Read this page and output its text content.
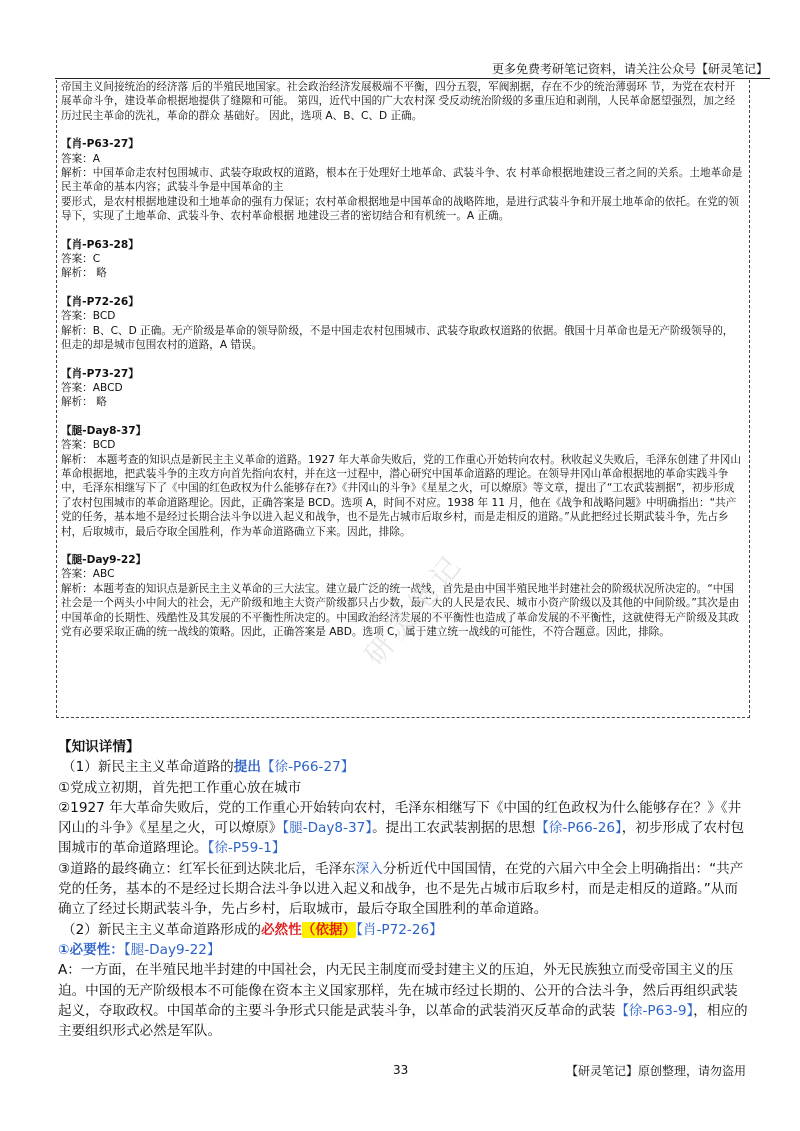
更多免费考研笔记资料，请关注公众号【研灵笔记】

帝国主义间接统治的经济落 后的半殖民地国家。社会政治经济发展极端不平衡，四分五裂，军阀割据，存在不少的统治薄弱环 节，为党在农村开展革命斗争，建设革命根据地提供了缝隙和可能。 第四，近代中国的广大农村深 受反动统治阶级的多重压迫和剥削，人民革命愿望强烈，加之经历过民主革命的洗礼，革命的群众 基础好。 因此，选项 A、B、C、D 正确。

【肖-P63-27】

答案：A

解析：中国革命走农村包围城市、武装夺取政权的道路，根本在于处理好土地革命、武装斗争、农 村革命根据地建设三者之间的关系。土地革命是民主革命的基本内容；武装斗争是中国革命的主

要形式，是农村根据地建设和土地革命的强有力保证；农村革命根据地是中国革命的战略阵地，是进行武装斗争和开展土地革命的依托。在党的领导下，实现了土地革命、武装斗争、农村革命根据 地建设三者的密切结合和有机统一。A 正确。

【肖-P63-28】

答案：C

解析： 略

【肖-P72-26】

答案：BCD

解析：B、C、D 正确。无产阶级是革命的领导阶级，不是中国走农村包围城市、武装夺取政权道路的依据。俄国十月革命也是无产阶级领导的，但走的却是城市包围农村的道路，A 错误。

【肖-P73-27】

答案：ABCD

解析： 略

【腿-Day8-37】

答案：BCD

解析： 本题考查的知识点是新民主主义革命的道路。1927 年大革命失败后，党的工作重心开始转向农村。秋收起义失败后，毛泽东创建了井冈山革命根据地，把武装斗争的主攻方向首先指向农村，并在这一过程中，潜心研究中国革命道路的理论。在领导井冈山革命根据地的革命实践斗争中，毛泽东相继写下了《中国的红色政权为什么能够存在?》《井冈山的斗争》《星星之火，可以燎原》等文章，提出了“工农武装割据”，初步形成了农村包围城市的革命道路理论。因此，正确答案是 BCD。选项 A，时间不对应。1938 年 11 月，他在《战争和战略问题》中明确指出：“共产党的任务，基本地不是经过长期合法斗争以进入起义和战争，也不是先占城市后取乡村，而是走相反的道路。”从此把经过长期武装斗争，先占乡村，后取城市，最后夺取全国胜利，作为革命道路确立下来。因此，排除。

【腿-Day9-22】

答案：ABC

解析：本题考查的知识点是新民主主义革命的三大法宝。建立最广泛的统一战线，首先是由中国半殖民地半封建社会的阶级状况所决定的。“中国社会是一个两头小中间大的社会，无产阶级和地主大资产阶级都只占少数，最广大的人民是农民、城市小资产阶级以及其他的中间阶级。”其次是由中国革命的长期性、残酷性及其发展的不平衡性所决定的。中国政治经济发展的不平衡性也造成了革命发展的不平衡性，这就使得无产阶级及其政党有必要采取正确的统一战线的策略。因此，正确答案是 ABD。选项 C，属于建立统一战线的可能性，不符合题意。因此，排除。

研灵笔记

【知识详情】

（1）新民主主义革命道路的提出【徐-P66-27】

①党成立初期，首先把工作重心放在城市

②1927 年大革命失败后，党的工作重心开始转向农村，毛泽东相继写下《中国的红色政权为什么能够存在？》《井冈山的斗争》《星星之火，可以燎原》【腿-Day8-37】。提出工农武装割据的思想【徐-P66-26】，初步形成了农村包围城市的革命道路理论。【徐-P59-1】

③道路的最终确立：红军长征到达陕北后，毛泽东深入分析近代中国国情，在党的六届六中全会上明确指出：“共产党的任务，基本的不是经过长期合法斗争以进入起义和战争，也不是先占城市后取乡村，而是走相反的道路。”从而确立了经过长期武装斗争，先占乡村，后取城市，最后夺取全国胜利的革命道路。

（2）新民主主义革命道路形成的必然性（依据）【肖-P72-26】

①必要性：【腿-Day9-22】

A：一方面，在半殖民地半封建的中国社会，内无民主制度而受封建主义的压迫，外无民族独立而受帝国主义的压迫。中国的无产阶级根本不可能像在资本主义国家那样，先在城市经过长期的、公开的合法斗争，然后再组织武装起义，夺取政权。中国革命的主要斗争形式只能是武装斗争，以革命的武装消灭反革命的武装【徐-P63-9】，相应的主要组织形式必然是军队。

33	【研灵笔记】原创整理，请勿盗用
